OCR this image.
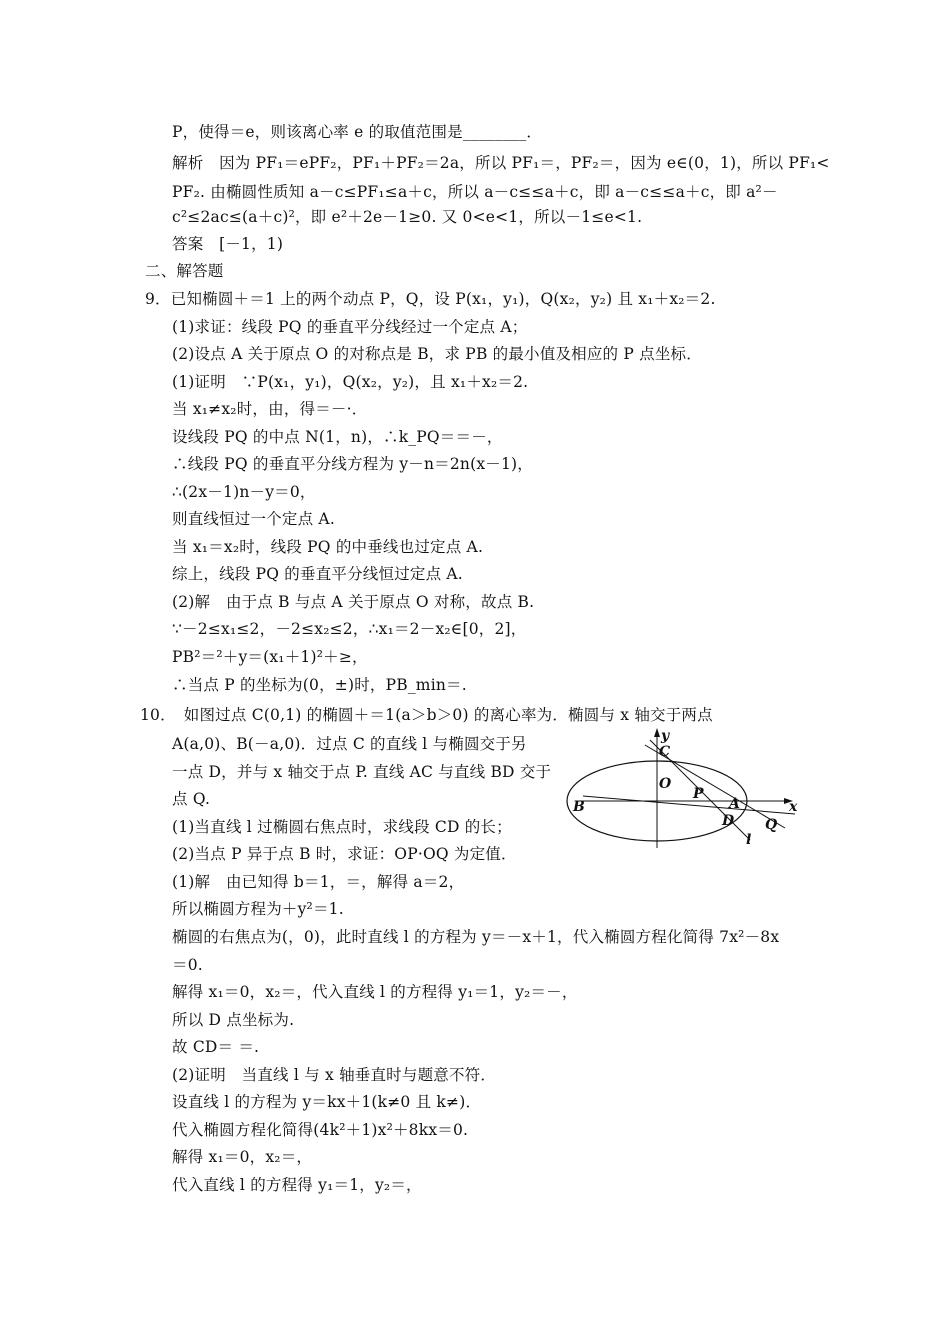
P，使得＝e，则该离心率 e 的取值范围是________．
解析　因为 PF₁＝ePF₂，PF₁＋PF₂＝2a，所以 PF₁＝，PF₂＝，因为 e∈(0，1)，所以 PF₁<
PF₂. 由椭圆性质知 a－c≤PF₁≤a＋c，所以 a－c≤≤a＋c，即 a－c≤≤a＋c，即 a²－
c²≤2ac≤(a＋c)²，即 e²＋2e－1≥0. 又 0<e<1，所以－1≤e<1.
答案　[－1，1)
二、解答题
9．已知椭圆＋＝1 上的两个动点 P，Q，设 P(x₁，y₁)，Q(x₂，y₂) 且 x₁＋x₂＝2.
(1)求证：线段 PQ 的垂直平分线经过一个定点 A；
(2)设点 A 关于原点 O 的对称点是 B，求 PB 的最小值及相应的 P 点坐标．
(1)证明　∵P(x₁，y₁)，Q(x₂，y₂)，且 x₁＋x₂＝2.
当 x₁≠x₂时，由，得＝－·．
设线段 PQ 的中点 N(1，n)，∴k_PQ＝＝－，
∴线段 PQ 的垂直平分线方程为 y－n＝2n(x－1)，
∴(2x－1)n－y＝0，
则直线恒过一个定点 A.
当 x₁＝x₂时，线段 PQ 的中垂线也过定点 A.
综上，线段 PQ 的垂直平分线恒过定点 A.
(2)解　由于点 B 与点 A 关于原点 O 对称，故点 B.
∵－2≤x₁≤2，－2≤x₂≤2，∴x₁＝2－x₂∈[0，2]，
PB²＝²＋y＝(x₁＋1)²＋≥，
∴当点 P 的坐标为(0，±)时，PB_min＝.
10．　如图过点 C(0,1) 的椭圆＋＝1(a＞b＞0) 的离心率为．椭圆与 x 轴交于两点
A(a,0)、B(－a,0)．过点 C 的直线 l 与椭圆交于另
一点 D，并与 x 轴交于点 P. 直线 AC 与直线 BD 交于
点 Q.
(1)当直线 l 过椭圆右焦点时，求线段 CD 的长；
(2)当点 P 异于点 B 时，求证：OP·OQ 为定值．
(1)解　由已知得 b＝1，＝，解得 a＝2，
所以椭圆方程为＋y²＝1.
椭圆的右焦点为(，0)，此时直线 l 的方程为 y＝－x＋1，代入椭圆方程化简得 7x²－8x
＝0.
解得 x₁＝0，x₂＝，代入直线 l 的方程得 y₁＝1，y₂＝－，
所以 D 点坐标为.
故 CD＝ ＝.
(2)证明　当直线 l 与 x 轴垂直时与题意不符．
设直线 l 的方程为 y＝kx＋1(k≠0 且 k≠)．
代入椭圆方程化简得(4k²＋1)x²＋8kx＝0.
解得 x₁＝0，x₂＝，
代入直线 l 的方程得 y₁＝1，y₂＝，
y
C
O
B
P
A	x
D Q
l
